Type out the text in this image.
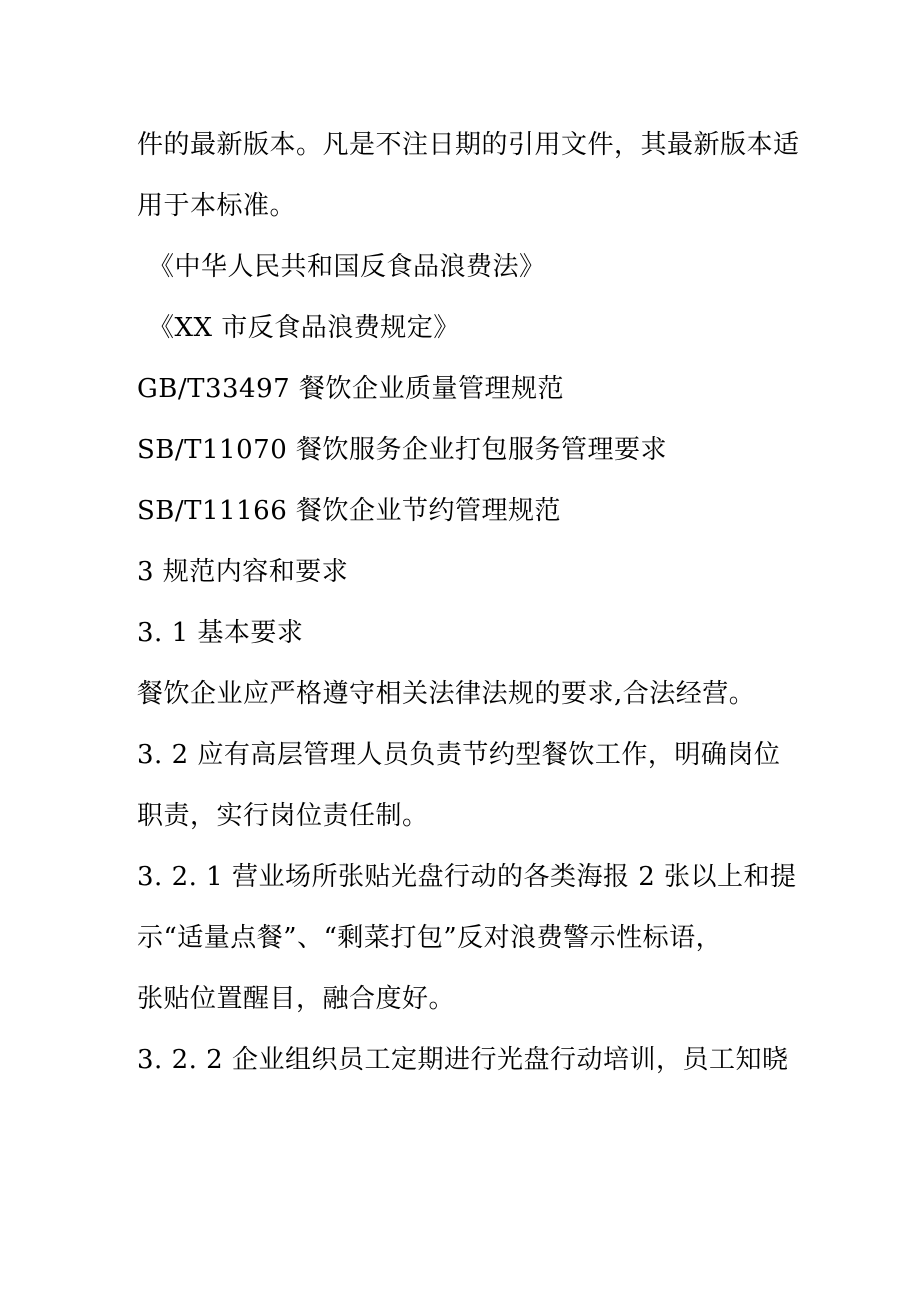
件的最新版本。凡是不注日期的引用文件，其最新版本适
用于本标准。
《中华人民共和国反食品浪费法》
《XX 市反食品浪费规定》
GB/T33497 餐饮企业质量管理规范
SB/T11070 餐饮服务企业打包服务管理要求
SB/T11166 餐饮企业节约管理规范
3 规范内容和要求
3. 1 基本要求
餐饮企业应严格遵守相关法律法规的要求,合法经营。
3. 2 应有高层管理人员负责节约型餐饮工作，明确岗位
职责，实行岗位责任制。
3. 2. 1 营业场所张贴光盘行动的各类海报 2 张以上和提
示“适量点餐”、“剩菜打包”反对浪费警示性标语，
张贴位置醒目，融合度好。
3. 2. 2 企业组织员工定期进行光盘行动培训，员工知晓
